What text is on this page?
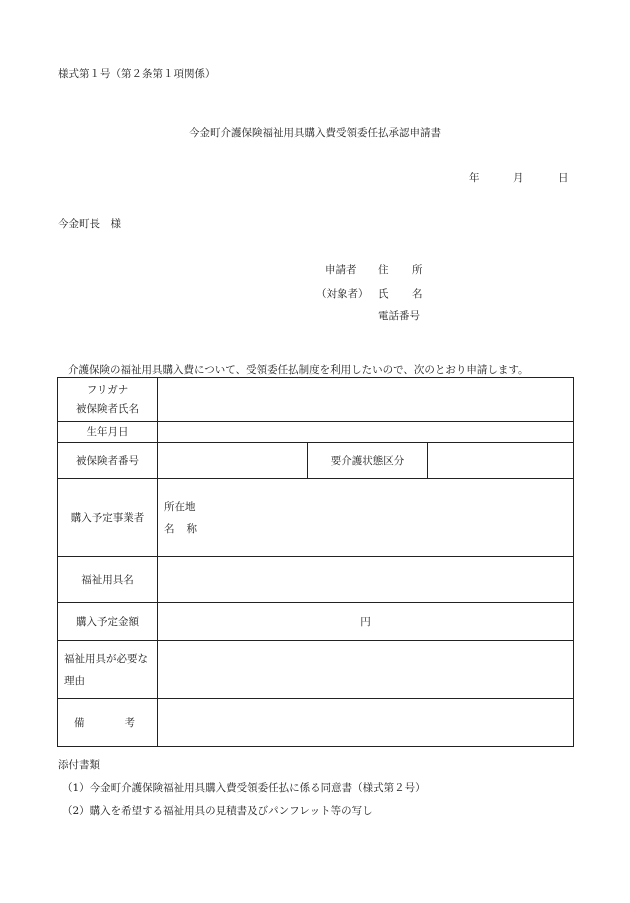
様式第１号（第２条第１項関係）
今金町介護保険福祉用具購入費受領委任払承認申請書
年	月	日
今金町長　様
申請者 住 所
（対象者） 氏 名
電話番号
介護保険の福祉用具購入費について、受領委任払制度を利用したいので、次のとおり申請します。
フリガナ
被保険者氏名			

生年月日			
被保険者番号		要介護状態区分	
購入予定事業者	所在地
名 称		

福祉用具名			
購入予定金額	円		

福祉用具が必要な
理由			

備 考			

添付書類
（1）今金町介護保険福祉用具購入費受領委任払に係る同意書（様式第２号）
（2）購入を希望する福祉用具の見積書及びパンフレット等の写し
